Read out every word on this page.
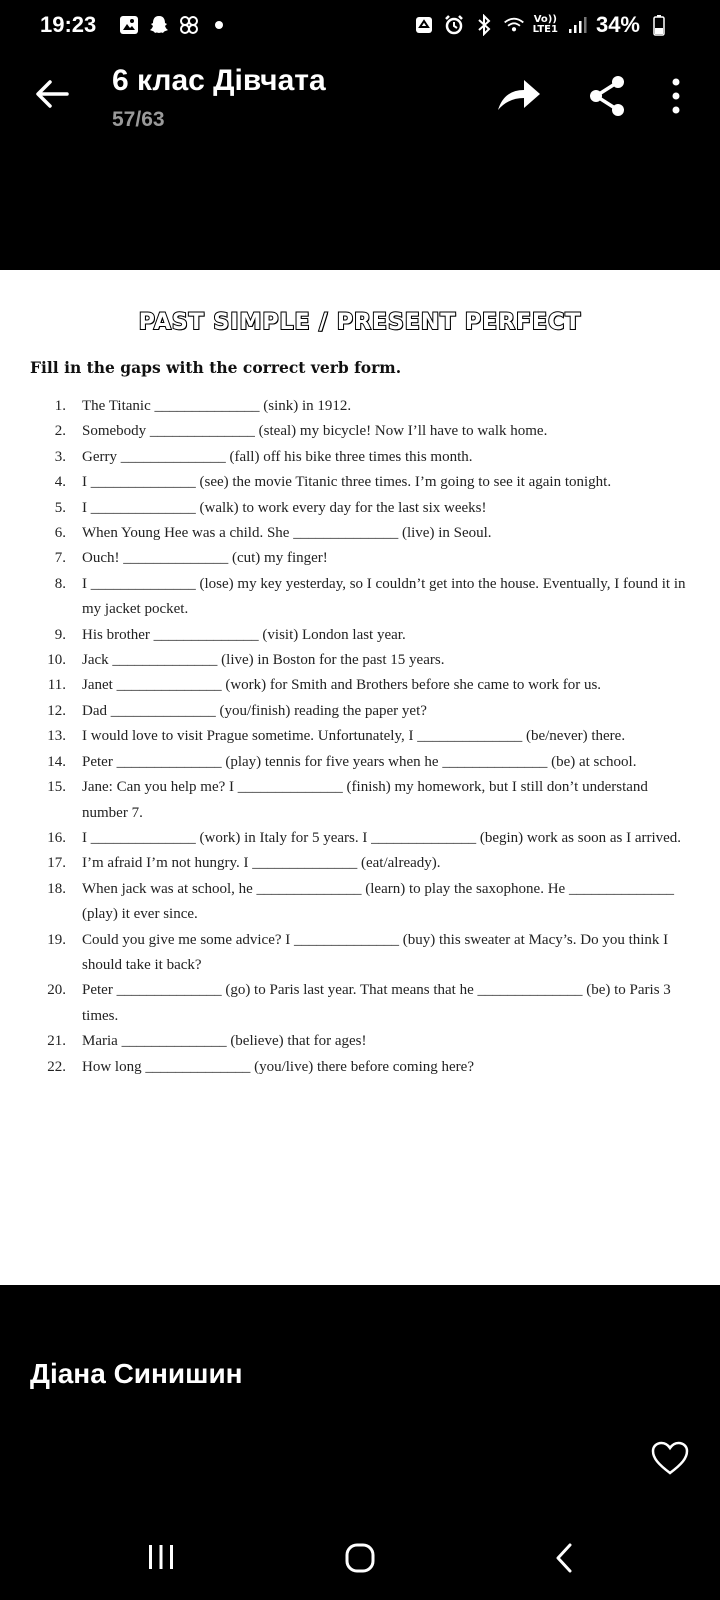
19:23	Vo))
LTE1 34%
6 клас Дівчата
57/63
PAST SIMPLE / PRESENT PERFECT
Fill in the gaps with the correct verb form.
1. The Titanic ______________ (sink) in 1912.
2. Somebody ______________ (steal) my bicycle! Now I’ll have to walk home.
3. Gerry ______________ (fall) off his bike three times this month.
4. I ______________ (see) the movie Titanic three times. I’m going to see it again tonight.
5. I ______________ (walk) to work every day for the last six weeks!
6. When Young Hee was a child. She ______________ (live) in Seoul.
7. Ouch! ______________ (cut) my finger!
8. I ______________ (lose) my key yesterday, so I couldn’t get into the house. Eventually, I found it in my jacket pocket.
9. His brother ______________ (visit) London last year.
10. Jack ______________ (live) in Boston for the past 15 years.
11. Janet ______________ (work) for Smith and Brothers before she came to work for us.
12. Dad ______________ (you/finish) reading the paper yet?
13. I would love to visit Prague sometime. Unfortunately, I ______________ (be/never) there.
14. Peter ______________ (play) tennis for five years when he ______________ (be) at school.
15. Jane: Can you help me? I ______________ (finish) my homework, but I still don’t understand number 7.
16. I ______________ (work) in Italy for 5 years. I ______________ (begin) work as soon as I arrived.
17. I’m afraid I’m not hungry. I ______________ (eat/already).
18. When jack was at school, he ______________ (learn) to play the saxophone. He ______________ (play) it ever since.
19. Could you give me some advice? I ______________ (buy) this sweater at Macy’s. Do you think I should take it back?
20. Peter ______________ (go) to Paris last year. That means that he ______________ (be) to Paris 3 times.
21. Maria ______________ (believe) that for ages!
22. How long ______________ (you/live) there before coming here?
Діана Синишин
